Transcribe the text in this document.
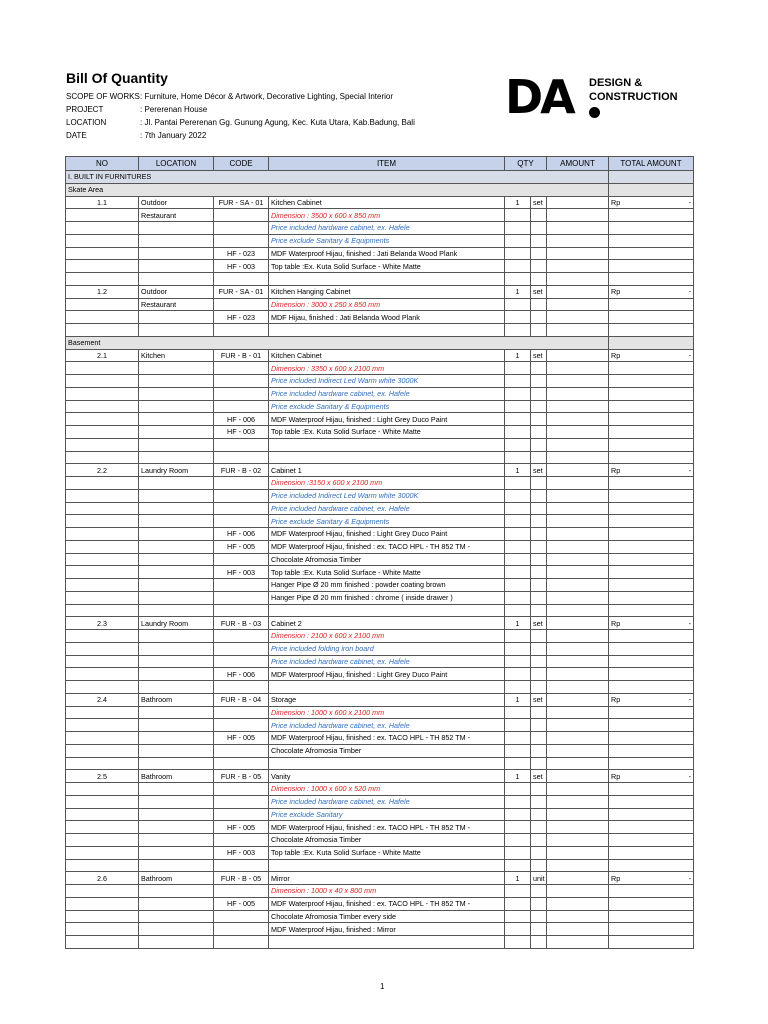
Bill Of Quantity
SCOPE OF WORKS : Furniture, Home Décor & Artwork, Decorative Lighting, Special Interior
PROJECT	: Pererenan House
LOCATION	: Jl. Pantai Pererenan Gg. Gunung Agung, Kec. Kuta Utara, Kab.Badung, Bali
DATE	: 7th January 2022
DA DESIGN &
CONSTRUCTION
NO	LOCATION	CODE	ITEM	QTY		AMOUNT	TOTAL AMOUNT
I. BUILT IN FURNITURES							
Skate Area							
1.1	Outdoor	FUR - SA - 01	Kitchen Cabinet	1	set		Rp -

	Restaurant		Dimension : 3500 x 600 x 850 mm				
			Price included hardware cabinet, ex. Hafele				
			Price exclude Sanitary & Equipments				
		HF - 023	MDF Waterproof Hijau, finished : Jati Belanda Wood Plank				
		HF - 003	Top table :Ex. Kuta Solid Surface - White Matte				

1.2	Outdoor	FUR - SA - 01	Kitchen Hanging Cabinet	1	set		Rp -

	Restaurant		Dimension : 3000 x 250 x 850 mm				
		HF - 023	MDF Hijau, finished : Jati Belanda Wood Plank				

Basement							
2.1	Kitchen	FUR - B - 01	Kitchen Cabinet	1	set		Rp -

			Dimension : 3350 x 600 x 2100 mm				
			Price included Indirect Led Warm white 3000K				
			Price included hardware cabinet, ex. Hafele				
			Price exclude Sanitary & Equipments				
		HF - 006	MDF Waterproof Hijau, finished : Light Grey Duco Paint				
		HF - 003	Top table :Ex. Kuta Solid Surface - White Matte				

2.2	Laundry Room	FUR - B - 02	Cabinet 1	1	set		Rp -

			Dimension :3150 x 600 x 2100 mm				
			Price included Indirect Led Warm white 3000K				
			Price included hardware cabinet, ex. Hafele				
			Price exclude Sanitary & Equipments				
		HF - 006	MDF Waterproof Hijau, finished : Light Grey Duco Paint				
		HF - 005	MDF Waterproof Hijau, finished : ex. TACO HPL - TH 852 TM -				
			Chocolate Afromosia Timber				
		HF - 003	Top table :Ex. Kuta Solid Surface - White Matte				
			Hanger Pipe Ø 20 mm finished : powder coating brown				
			Hanger Pipe Ø 20 mm finished : chrome ( inside drawer )				

2.3	Laundry Room	FUR - B - 03	Cabinet 2	1	set		Rp -

			Dimension : 2100 x 600 x 2100 mm				
			Price included folding iron board				
			Price included hardware cabinet, ex. Hafele				
		HF - 006	MDF Waterproof Hijau, finished : Light Grey Duco Paint				

2.4	Bathroom	FUR - B - 04	Storage	1	set		Rp -

			Dimension : 1000 x 600 x 2100 mm				
			Price included hardware cabinet, ex. Hafele				
		HF - 005	MDF Waterproof Hijau, finished : ex. TACO HPL - TH 852 TM -				
			Chocolate Afromosia Timber				

2.5	Bathroom	FUR - B - 05	Vanity	1	set		Rp -

			Dimension : 1000 x 600 x 520 mm				
			Price included hardware cabinet, ex. Hafele				
			Price exclude Sanitary				
		HF - 005	MDF Waterproof Hijau, finished : ex. TACO HPL - TH 852 TM -				
			Chocolate Afromosia Timber				
		HF - 003	Top table :Ex. Kuta Solid Surface - White Matte				

2.6	Bathroom	FUR - B - 05	Mirror	1	unit		Rp -

			Dimension : 1000 x 40 x 800 mm				
		HF - 005	MDF Waterproof Hijau, finished : ex. TACO HPL - TH 852 TM -				
			Chocolate Afromosia Timber every side				
			MDF Waterproof Hijau, finished : Mirror				

1
